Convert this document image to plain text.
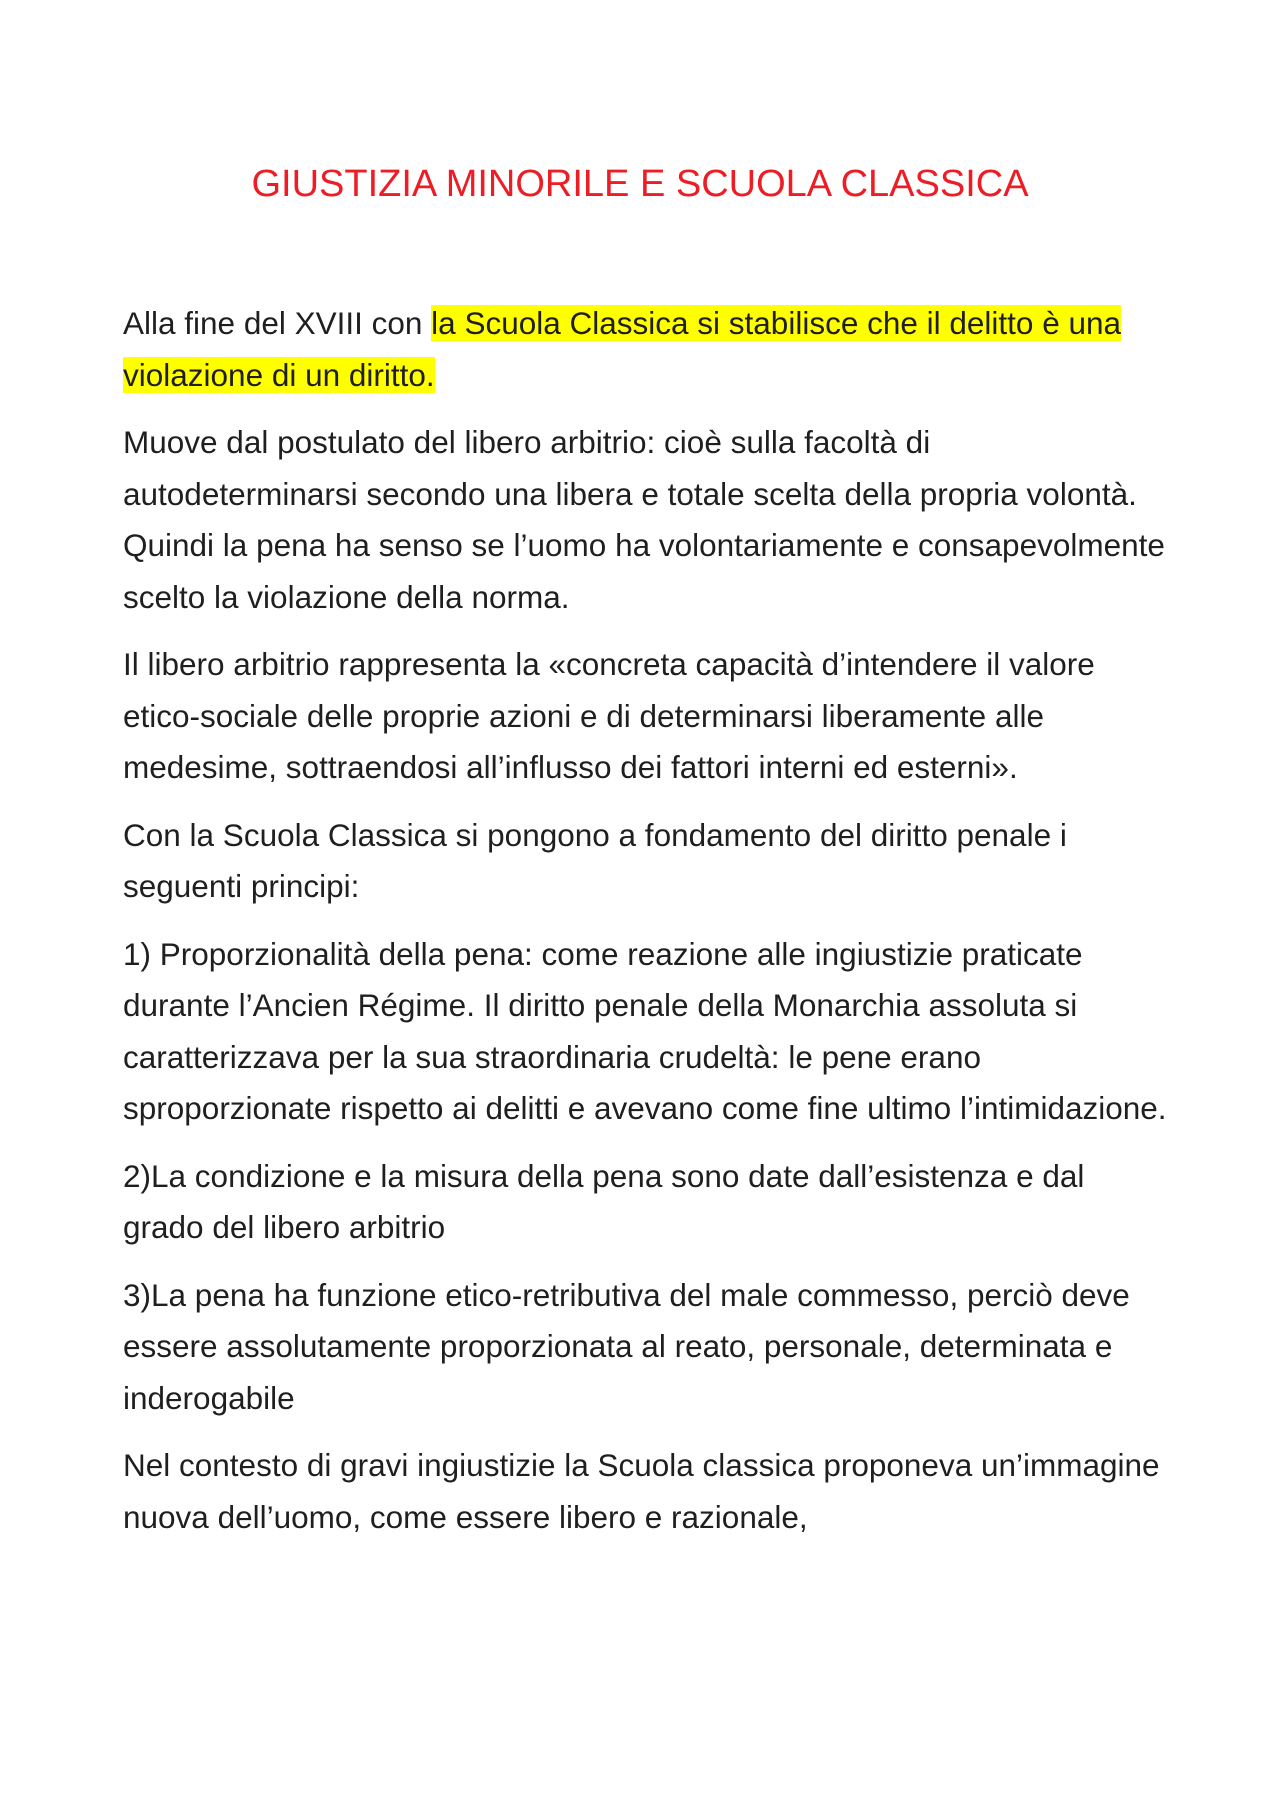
GIUSTIZIA MINORILE E SCUOLA CLASSICA

Alla fine del XVIII con la Scuola Classica si stabilisce che il delitto è una violazione di un diritto.

Muove dal postulato del libero arbitrio: cioè sulla facoltà di autodeterminarsi secondo una libera e totale scelta della propria volontà. Quindi la pena ha senso se l’uomo ha volontariamente e consapevolmente scelto la violazione della norma.

Il libero arbitrio rappresenta la «concreta capacità d’intendere il valore etico-sociale delle proprie azioni e di determinarsi liberamente alle medesime, sottraendosi all’influsso dei fattori interni ed esterni».

Con la Scuola Classica si pongono a fondamento del diritto penale i seguenti principi:

1) Proporzionalità della pena: come reazione alle ingiustizie praticate durante l’Ancien Régime. Il diritto penale della Monarchia assoluta si caratterizzava per la sua straordinaria crudeltà: le pene erano sproporzionate rispetto ai delitti e avevano come fine ultimo l’intimidazione.

2)La condizione e la misura della pena sono date dall’esistenza e dal grado del libero arbitrio

3)La pena ha funzione etico-retributiva del male commesso, perciò deve essere assolutamente proporzionata al reato, personale, determinata e inderogabile

Nel contesto di gravi ingiustizie la Scuola classica proponeva un’immagine nuova dell’uomo, come essere libero e razionale,
